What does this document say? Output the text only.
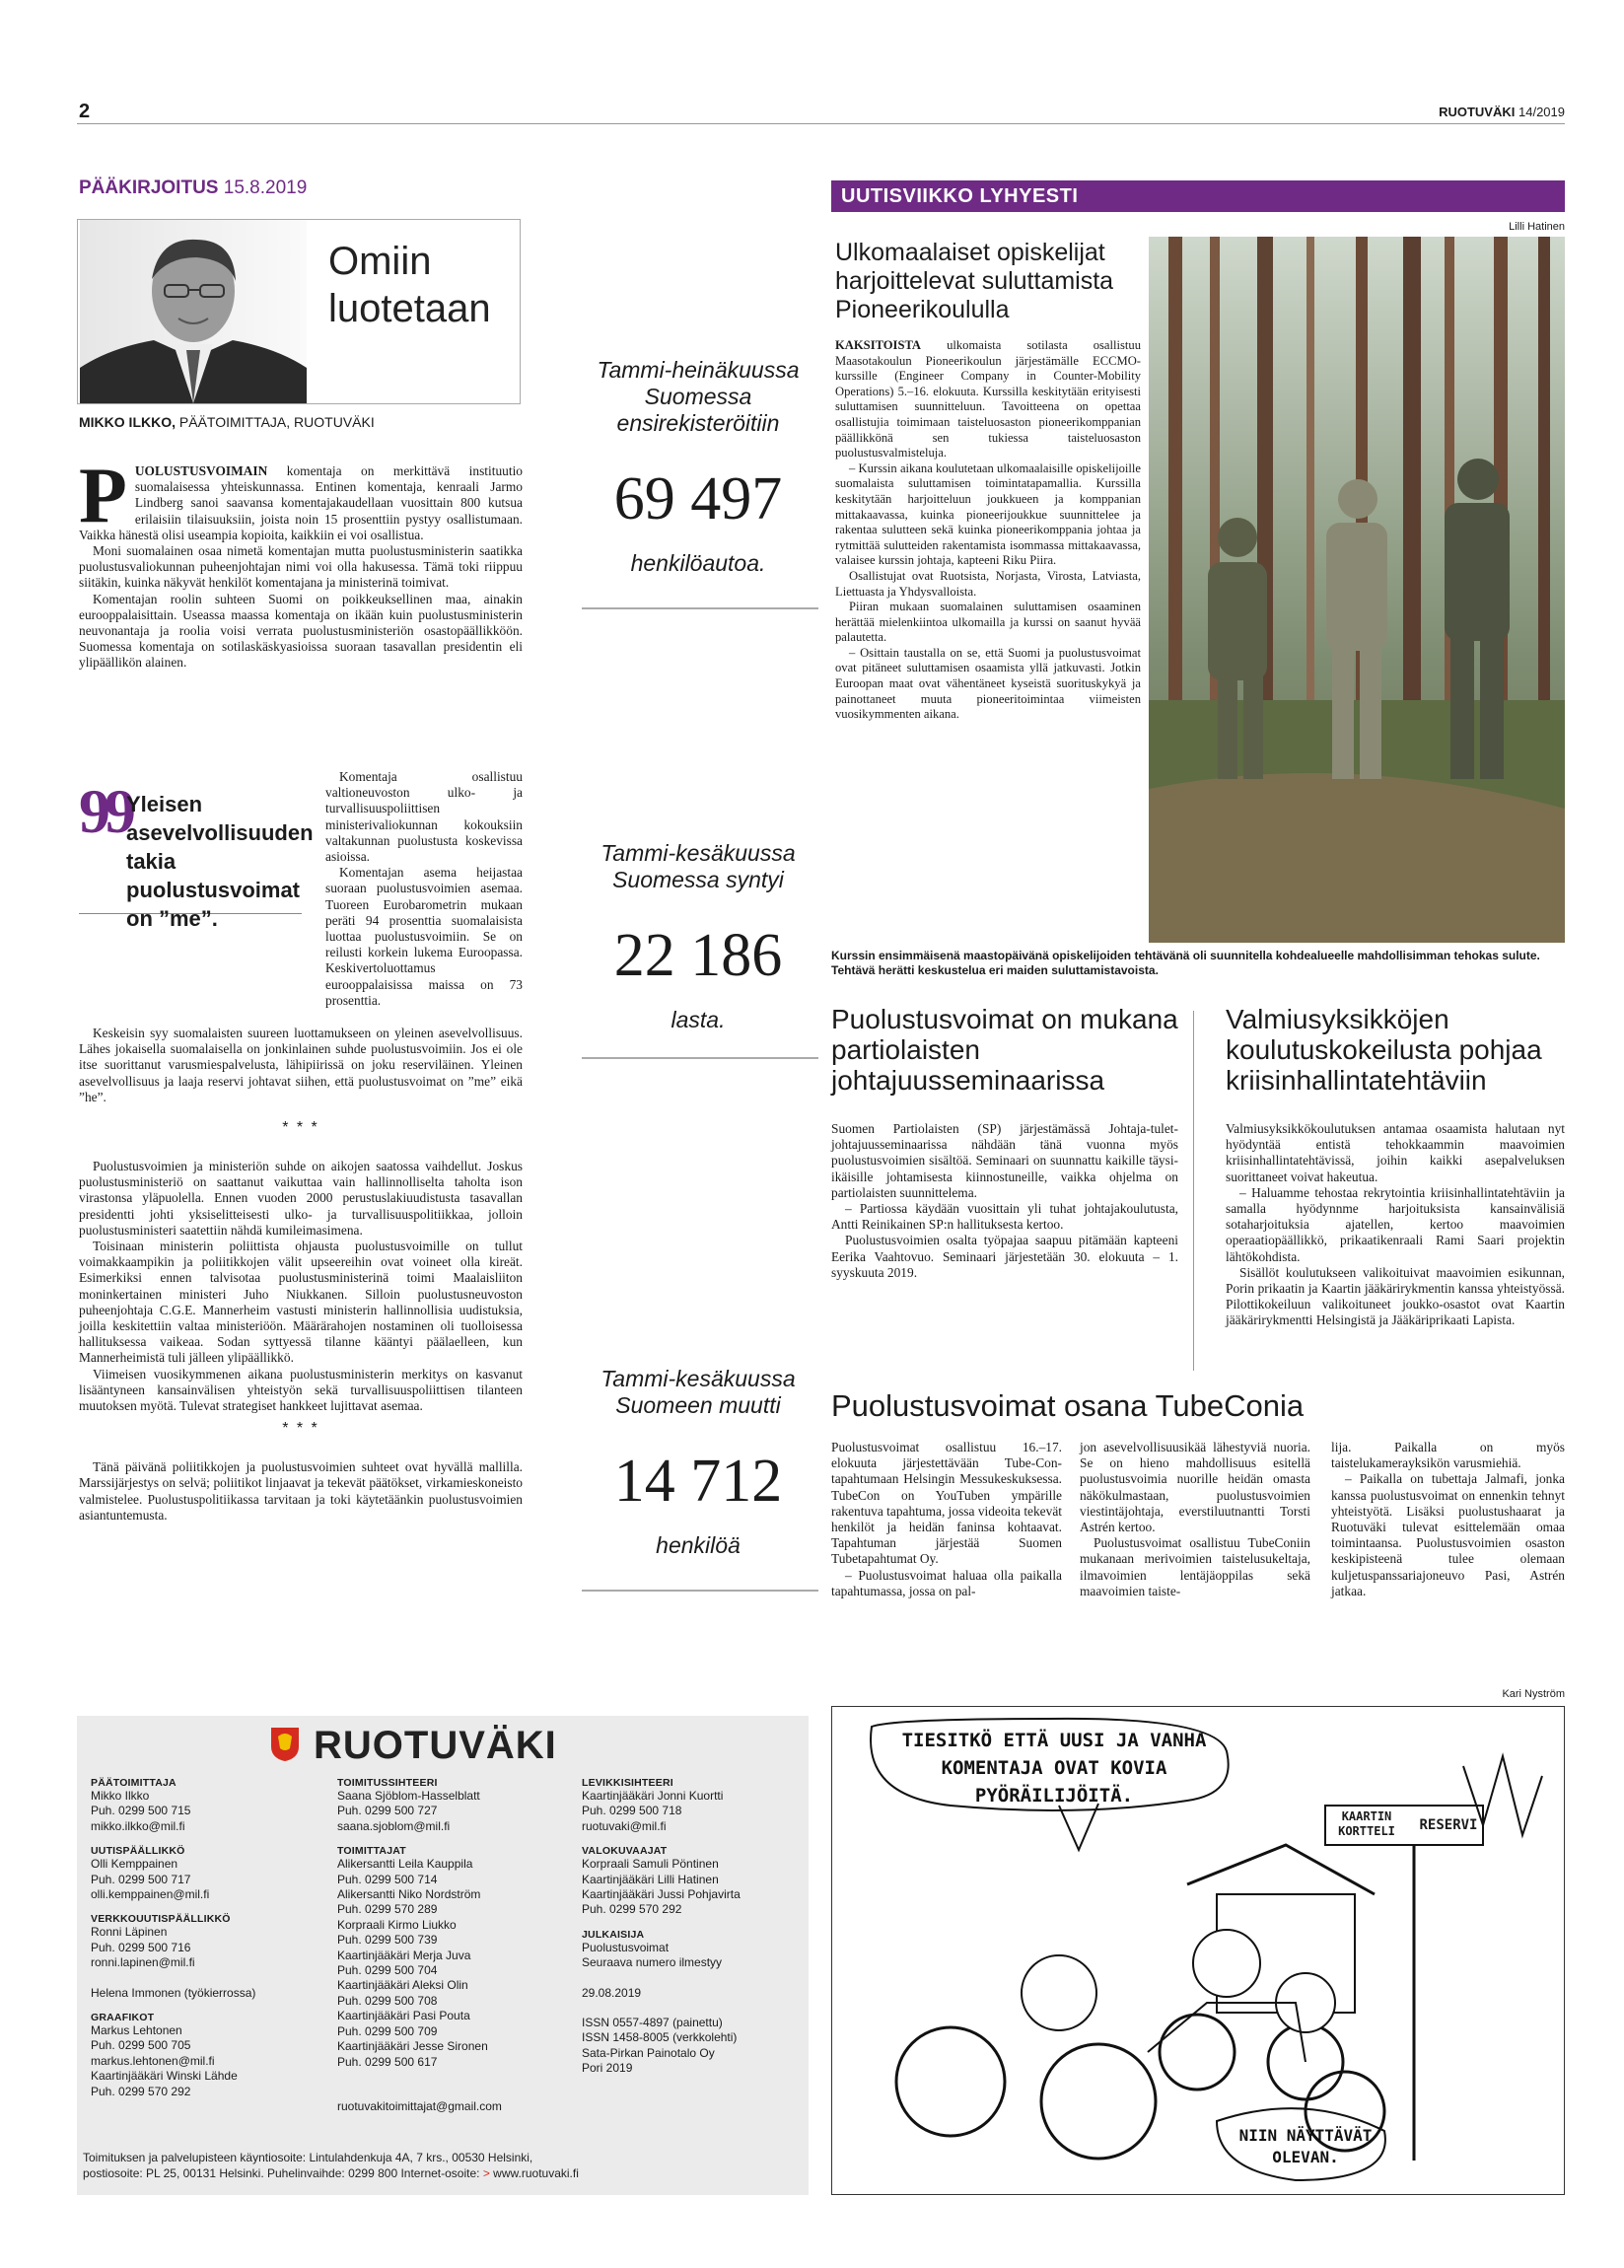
2	RUOTUVÄKI 14/2019
PÄÄKIRJOITUS 15.8.2019
Omiin
luotetaan
MIKKO ILKKO, PÄÄTOIMITTAJA, RUOTUVÄKI

PUOLUSTUSVOIMAIN komentaja on merkittävä instituutio suomalaisessa yhteiskunnassa. Entinen komentaja, kenraali Jarmo Lindberg sanoi saavansa komentajakaudellaan vuosittain 800 kutsua erilaisiin tilaisuuksiin, joista noin 15 prosenttiin pystyy osallistumaan. Vaikka hänestä olisi useampia kopioita, kaikkiin ei voi osallistua.

Moni suomalainen osaa nimetä komentajan mutta puolustusministerin saatikka puolustusvaliokunnan puheenjohtajan nimi voi olla hakusessa. Tämä toki riippuu siitäkin, kuinka näkyvät henkilöt komentajana ja ministerinä toimivat.

Komentajan roolin suhteen Suomi on poikkeuksellinen maa, ainakin eurooppalaisittain. Useassa maassa komentaja on ikään kuin puolustusministerin neuvonantaja ja roolia voisi verrata puolustusministeriön osastopäällikköön. Suomessa komentaja on sotilaskäskyasioissa suoraan tasavallan presidentin eli ylipäällikön alainen.

99
Yleisen asevelvollisuuden takia puolustusvoimat on ”me”.

Komentaja osallistuu valtioneuvoston ulko- ja turvallisuuspoliittisen ministerivaliokunnan kokouksiin valtakunnan puolustusta koskevissa asioissa.

Komentajan asema heijastaa suoraan puolustusvoimien asemaa. Tuoreen Eurobarometrin mukaan peräti 94 prosenttia suomalaisista luottaa puolustusvoimiin. Se on reilusti korkein lukema Euroopassa. Keskivertoluottamus eurooppalaisissa maissa on 73 prosenttia.

Keskeisin syy suomalaisten suureen luottamukseen on yleinen asevelvollisuus. Lähes jokaisella suomalaisella on jonkinlainen suhde puolustusvoimiin. Jos ei ole itse suorittanut varusmiespalvelusta, lähipiirissä on joku reserviläinen. Yleinen asevelvollisuus ja laaja reservi johtavat siihen, että puolustusvoimat on ”me” eikä ”he”.

* * *

Puolustusvoimien ja ministeriön suhde on aikojen saatossa vaihdellut. Joskus puolustusministeriö on saattanut vaikuttaa vain hallinnolliselta taholta ison virastonsa yläpuolella. Ennen vuoden 2000 perustuslakiuudistusta tasavallan presidentti johti yksiselitteisesti ulko- ja turvallisuuspolitiikkaa, jolloin puolustusministeri saatettiin nähdä kumileimasimena.

Toisinaan ministerin poliittista ohjausta puolustusvoimille on tullut voimakkaampikin ja poliitikkojen välit upseereihin ovat voineet olla kireät. Esimerkiksi ennen talvisotaa puolustusministerinä toimi Maalaisliiton moninkertainen ministeri Juho Niukkanen. Silloin puolustusneuvoston puheenjohtaja C.G.E. Mannerheim vastusti ministerin hallinnollisia uudistuksia, joilla keskitettiin valtaa ministeriöön. Määrärahojen nostaminen oli tuolloisessa hallituksessa vaikeaa. Sodan syttyessä tilanne kääntyi päälaelleen, kun Mannerheimistä tuli jälleen ylipäällikkö.

Viimeisen vuosikymmenen aikana puolustusministerin merkitys on kasvanut lisääntyneen kansainvälisen yhteistyön sekä turvallisuuspoliittisen tilanteen muutoksen myötä. Tulevat strategiset hankkeet lujittavat asemaa.

* * *

Tänä päivänä poliitikkojen ja puolustusvoimien suhteet ovat hyvällä mallilla. Marssijärjestys on selvä; poliitikot linjaavat ja tekevät päätökset, virkamieskoneisto valmistelee. Puolustuspolitiikassa tarvitaan ja toki käytetäänkin puolustusvoimien asiantuntemusta.

Tammi-heinäkuussa Suomessa ensirekisteröitiin
69 497
henkilöautoa.
Tammi-kesäkuussa Suomessa syntyi
22 186
lasta.
Tammi-kesäkuussa Suomeen muutti
14 712
henkilöä
UUTISVIIKKO LYHYESTI
Lilli Hatinen
Ulkomaalaiset opiskelijat harjoittelevat suluttamista Pioneerikoululla

KAKSITOISTA ulkomaista sotilasta osallistuu Maasotakoulun Pioneerikoulun järjestämälle ECCMO-kurssille (Engineer Company in Counter-Mobility Operations) 5.–16. elokuuta. Kurssilla keskitytään erityisesti suluttamisen suunnitteluun. Tavoitteena on opettaa osallistujia toimimaan taisteluosaston pioneerikomppanian päällikkönä sen tukiessa taisteluosaston puolustusvalmisteluja.

– Kurssin aikana koulutetaan ulkomaalaisille opiskelijoille suomalaista suluttamisen toimintatapamallia. Kurssilla keskitytään harjoitteluun joukkueen ja komppanian mittakaavassa, kuinka pioneerijoukkue suunnittelee ja rakentaa sulutteen sekä kuinka pioneerikomppania johtaa ja rytmittää sulutteiden rakentamista isommassa mittakaavassa, valaisee kurssin johtaja, kapteeni Riku Piira.

Osallistujat ovat Ruotsista, Norjasta, Virosta, Latviasta, Liettuasta ja Yhdysvalloista.

Piiran mukaan suomalainen suluttamisen osaaminen herättää mielenkiintoa ulkomailla ja kurssi on saanut hyvää palautetta.

– Osittain taustalla on se, että Suomi ja puolustusvoimat ovat pitäneet suluttamisen osaamista yllä jatkuvasti. Jotkin Euroopan maat ovat vähentäneet kyseistä suorituskykyä ja painottaneet muuta pioneeritoimintaa viimeisten vuosikymmenten aikana.

Kurssin ensimmäisenä maastopäivänä opiskelijoiden tehtävänä oli suunnitella kohdealueelle mahdollisimman tehokas sulute. Tehtävä herätti keskustelua eri maiden suluttamistavoista.
Puolustusvoimat on mukana partiolaisten johtajuusseminaarissa

Suomen Partiolaisten (SP) järjestämässä Johtaja-tulet-johtajuusseminaarissa nähdään tänä vuonna myös puolustusvoimien sisältöä. Seminaari on suunnattu kaikille täysi-ikäisille johtamisesta kiinnostuneille, vaikka ohjelma on partiolaisten suunnittelema.

– Partiossa käydään vuosittain yli tuhat johtajakoulutusta, Antti Reinikainen SP:n hallituksesta kertoo.

Puolustusvoimien osalta työpajaa saapuu pitämään kapteeni Eerika Vaahtovuo. Seminaari järjestetään 30. elokuuta – 1. syyskuuta 2019.

Valmiusyksikköjen koulutuskokeilusta pohjaa kriisinhallintatehtäviin

Valmiusyksikkökoulutuksen antamaa osaamista halutaan nyt hyödyntää entistä tehokkaammin maavoimien kriisinhallintatehtävissä, joihin kaikki asepalveluksen suorittaneet voivat hakeutua.

– Haluamme tehostaa rekrytointia kriisinhallintatehtäviin ja samalla hyödynnme harjoituksista kansainvälisiä sotaharjoituksia ajatellen, kertoo maavoimien operaatiopäällikkö, prikaatikenraali Rami Saari projektin lähtökohdista.

Sisällöt koulutukseen valikoituivat maavoimien esikunnan, Porin prikaatin ja Kaartin jääkärirykmentin kanssa yhteistyössä. Pilottikokeiluun valikoituneet joukko-osastot ovat Kaartin jääkärirykmentti Helsingistä ja Jääkäriprikaati Lapista.

Puolustusvoimat osana TubeConia

Puolustusvoimat osallistuu 16.–17. elokuuta järjestettävään Tube-Con-tapahtumaan Helsingin Messukeskuksessa. TubeCon on YouTuben ympärille rakentuva tapahtuma, jossa videoita tekevät henkilöt ja heidän faninsa kohtaavat. Tapahtuman järjestää Suomen Tubetapahtumat Oy.

– Puolustusvoimat haluaa olla paikalla tapahtumassa, jossa on pal-

jon asevelvollisuusikää lähestyviä nuoria. Se on hieno mahdollisuus esitellä puolustusvoimia nuorille heidän omasta näkökulmastaan, puolustusvoimien viestintäjohtaja, everstiluutnantti Torsti Astrén kertoo.

Puolustusvoimat osallistuu TubeConiin mukanaan merivoimien taistelusukeltaja, ilmavoimien lentäjäoppilas sekä maavoimien taiste-

lija. Paikalla on myös taistelukamerayksikön varusmiehiä.

– Paikalla on tubettaja Jalmafi, jonka kanssa puolustusvoimat on ennenkin tehnyt yhteistyötä. Lisäksi puolustushaarat ja Ruotuväki tulevat esittelemään omaa toimintaansa. Puolustusvoimien osaston keskipisteenä tulee olemaan kuljetuspanssariajoneuvo Pasi, Astrén jatkaa.

RUOTUVÄKI
PÄÄTOIMITTAJA
Mikko Ilkko
Puh. 0299 500 715
mikko.ilkko@mil.fi
UUTISPÄÄLLIKKÖ
Olli Kemppainen
Puh. 0299 500 717
olli.kemppainen@mil.fi
VERKKOUUTISPÄÄLLIKKÖ
Ronni Läpinen
Puh. 0299 500 716
ronni.lapinen@mil.fi
Helena Immonen (työkierrossa)
GRAAFIKOT
Markus Lehtonen
Puh. 0299 500 705
markus.lehtonen@mil.fi
Kaartinjääkäri Winski Lähde
Puh. 0299 570 292
TOIMITUSSIHTEERI
Saana Sjöblom-Hasselblatt
Puh. 0299 500 727
saana.sjoblom@mil.fi
TOIMITTAJAT
Alikersantti Leila Kauppila
Puh. 0299 500 714
Alikersantti Niko Nordström
Puh. 0299 570 289
Korpraali Kirmo Liukko
Puh. 0299 500 739
Kaartinjääkäri Merja Juva
Puh. 0299 500 704
Kaartinjääkäri Aleksi Olin
Puh. 0299 500 708
Kaartinjääkäri Pasi Pouta
Puh. 0299 500 709
Kaartinjääkäri Jesse Sironen
Puh. 0299 500 617
ruotuvakitoimittajat@gmail.com
LEVIKKISIHTEERI
Kaartinjääkäri Jonni Kuortti
Puh. 0299 500 718
ruotuvaki@mil.fi
VALOKUVAAJAT
Korpraali Samuli Pöntinen
Kaartinjääkäri Lilli Hatinen
Kaartinjääkäri Jussi Pohjavirta
Puh. 0299 570 292
JULKAISIJA
Puolustusvoimat
Seuraava numero ilmestyy
29.08.2019
ISSN 0557-4897 (painettu)
ISSN 1458-8005 (verkkolehti)
Sata-Pirkan Painotalo Oy
Pori 2019
Toimituksen ja palvelupisteen käyntiosoite: Lintulahdenkuja 4A, 7 krs., 00530 Helsinki,
postiosoite: PL 25, 00131 Helsinki. Puhelinvaihde: 0299 800 Internet-osoite: > www.ruotuvaki.fi
Kari Nyström
TIESITKÖ ETTÄ UUSI JA VANHA KOMENTAJA OVAT KOVIA PYÖRÄILIJÖITÄ.
KAARTIN KORTTELI	RESERVI
NIIN NÄYTTÄVÄT OLEVAN.
